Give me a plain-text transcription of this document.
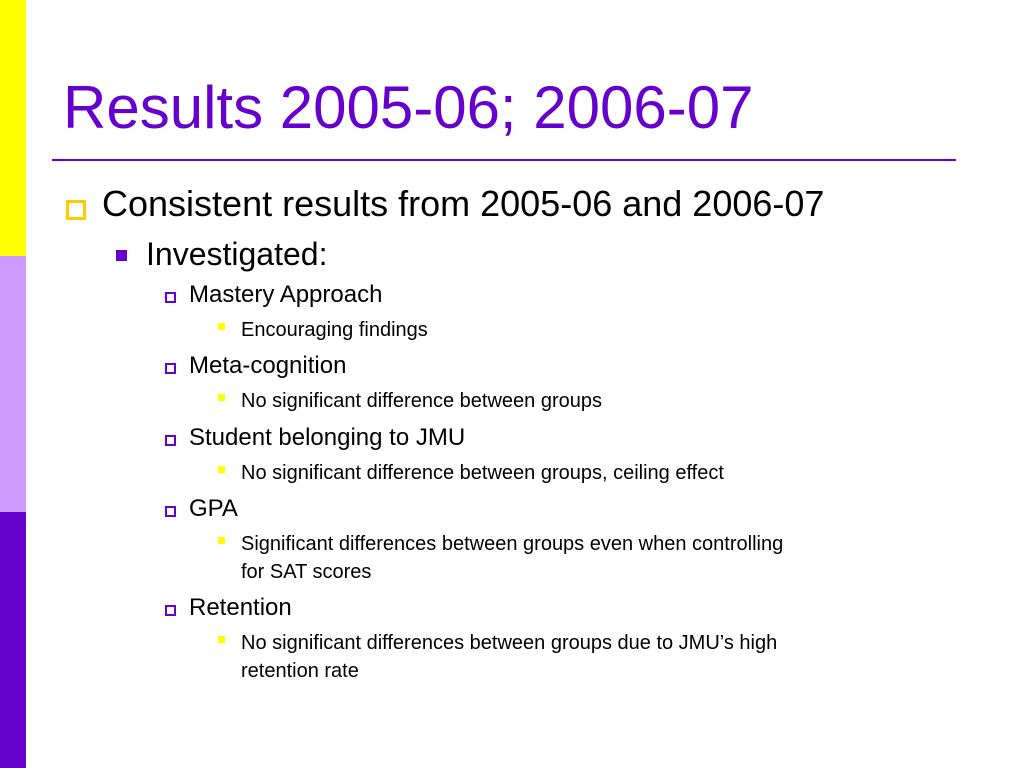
Results 2005-06; 2006-07
Consistent results from 2005-06 and 2006-07
Investigated:
Mastery Approach
Encouraging findings
Meta-cognition
No significant difference between groups
Student belonging to JMU
No significant difference between groups, ceiling effect
GPA
Significant differences between groups even when controlling
for SAT scores
Retention
No significant differences between groups due to JMU’s high
retention rate
